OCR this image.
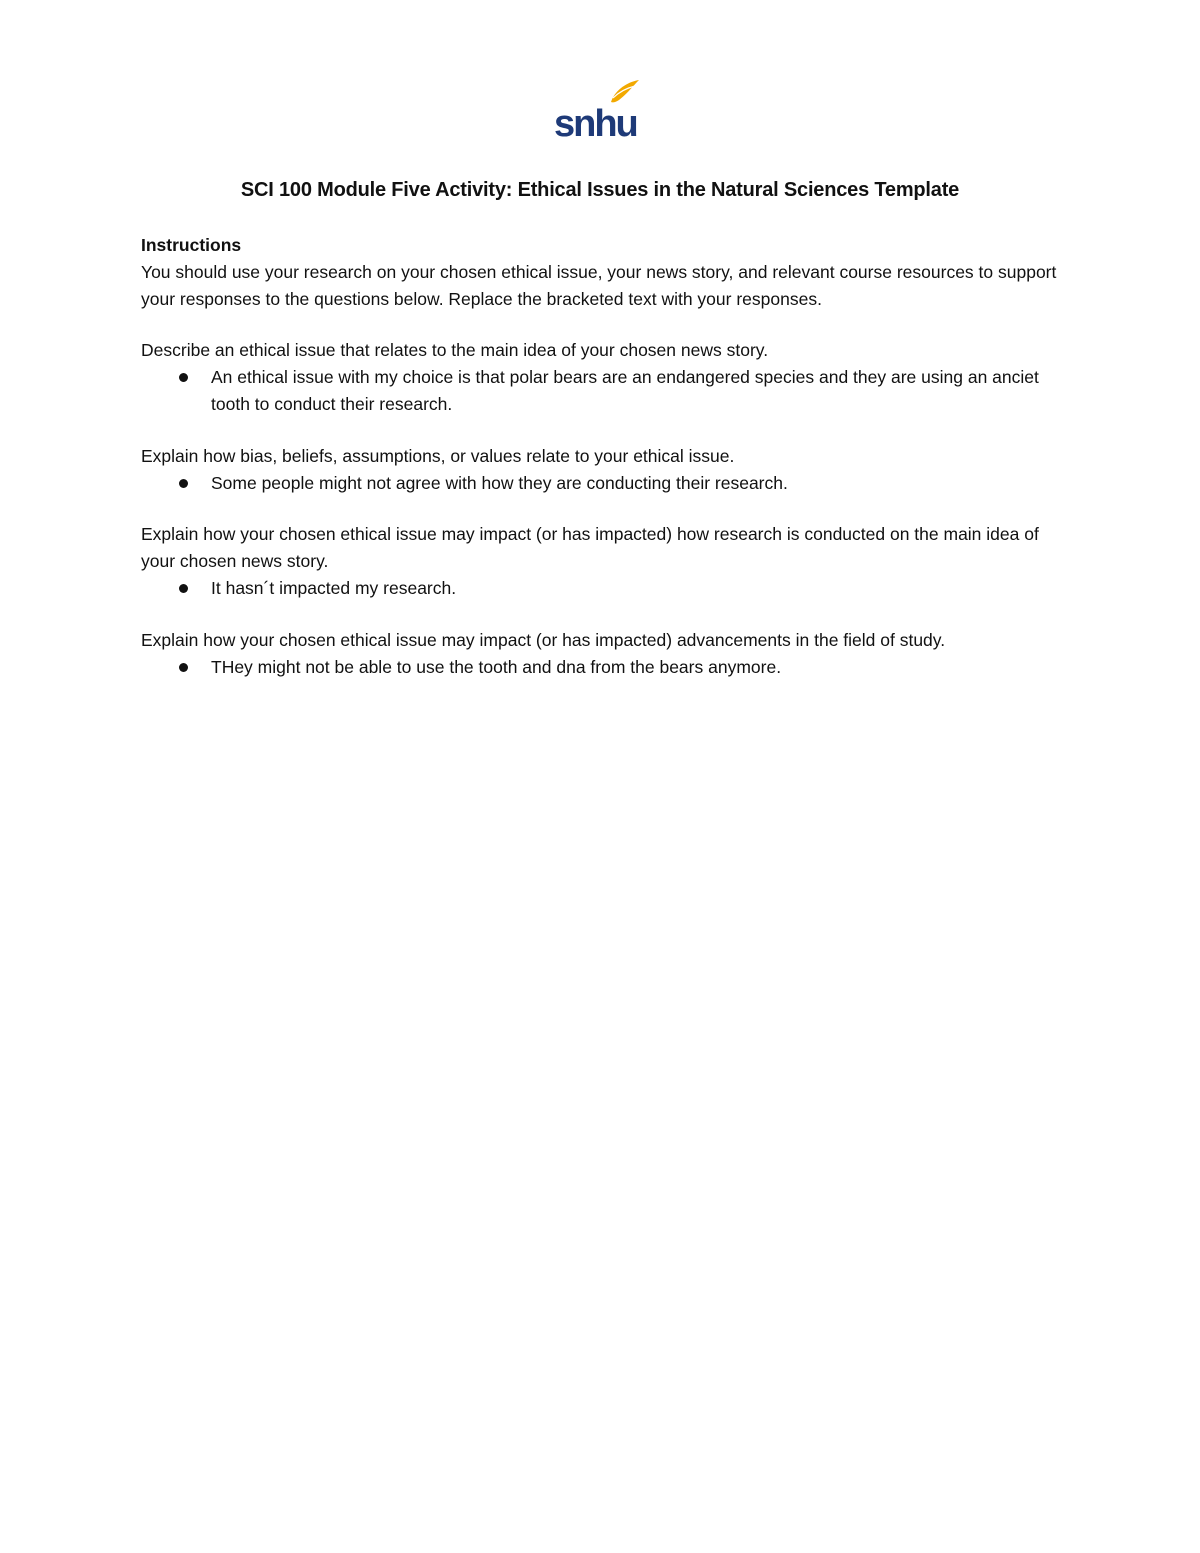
snhu
SCI 100 Module Five Activity: Ethical Issues in the Natural Sciences Template

Instructions

You should use your research on your chosen ethical issue, your news story, and relevant course resources to support your responses to the questions below. Replace the bracketed text with your responses.

Describe an ethical issue that relates to the main idea of your chosen news story.

An ethical issue with my choice is that polar bears are an endangered species and they are using an anciet tooth to conduct their research.

Explain how bias, beliefs, assumptions, or values relate to your ethical issue.

Some people might not agree with how they are conducting their research.

Explain how your chosen ethical issue may impact (or has impacted) how research is conducted on the main idea of your chosen news story.

It hasn´t impacted my research.

Explain how your chosen ethical issue may impact (or has impacted) advancements in the field of study.

THey might not be able to use the tooth and dna from the bears anymore.
